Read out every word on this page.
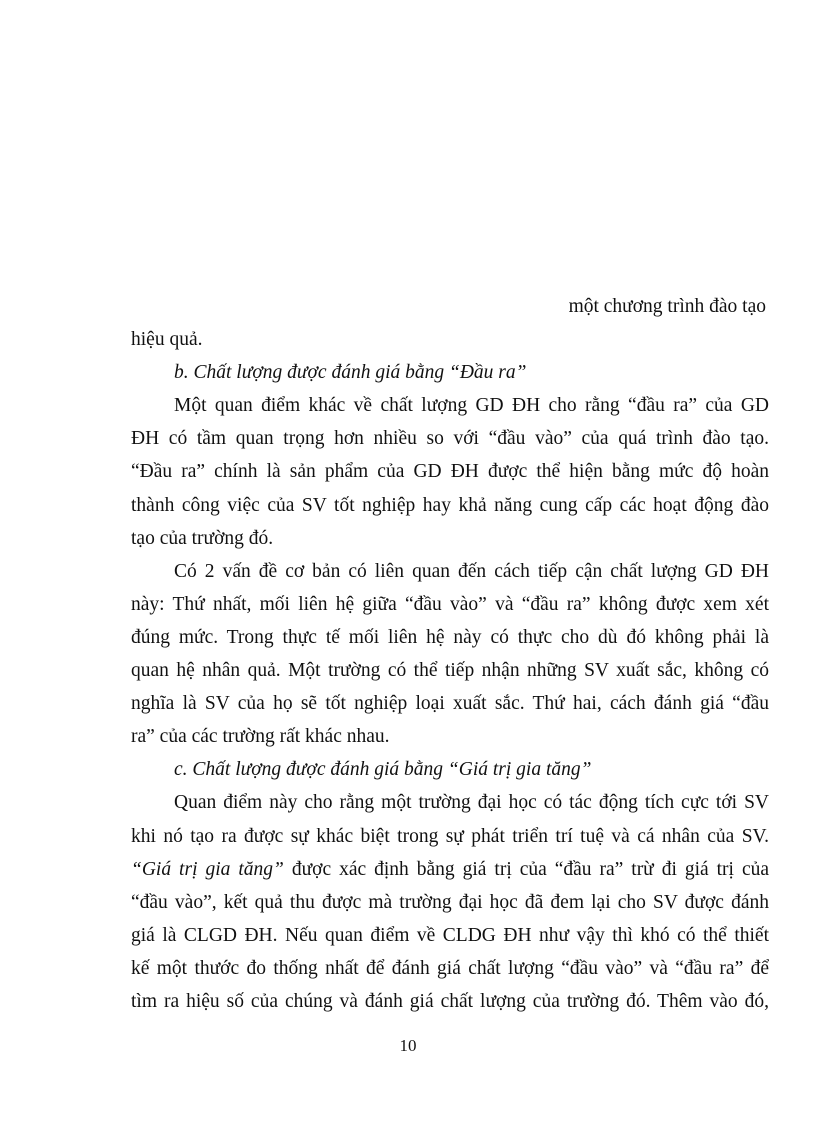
một chương trình đào tạo
hiệu quả.
b. Chất lượng được đánh giá bằng “Đầu ra”
Một quan điểm khác về chất lượng GD ĐH cho rằng “đầu ra” của GD
ĐH có tầm quan trọng hơn nhiều so với “đầu vào” của quá trình đào tạo.
“Đầu ra” chính là sản phẩm của GD ĐH được thể hiện bằng mức độ hoàn
thành công việc của SV tốt nghiệp hay khả năng cung cấp các hoạt động đào
tạo của trường đó.
Có 2 vấn đề cơ bản có liên quan đến cách tiếp cận chất lượng GD ĐH
này: Thứ nhất, mối liên hệ giữa “đầu vào” và “đầu ra” không được xem xét
đúng mức. Trong thực tế mối liên hệ này có thực cho dù đó không phải là
quan hệ nhân quả. Một trường có thể tiếp nhận những SV xuất sắc, không có
nghĩa là SV của họ sẽ tốt nghiệp loại xuất sắc. Thứ hai, cách đánh giá “đầu
ra” của các trường rất khác nhau.
c. Chất lượng được đánh giá bằng “Giá trị gia tăng”
Quan điểm này cho rằng một trường đại học có tác động tích cực tới SV
khi nó tạo ra được sự khác biệt trong sự phát triển trí tuệ và cá nhân của SV.
“Giá trị gia tăng” được xác định bằng giá trị của “đầu ra” trừ đi giá trị của
“đầu vào”, kết quả thu được mà trường đại học đã đem lại cho SV được đánh
giá là CLGD ĐH. Nếu quan điểm về CLDG ĐH như vậy thì khó có thể thiết
kế một thước đo thống nhất để đánh giá chất lượng “đầu vào” và “đầu ra” để
tìm ra hiệu số của chúng và đánh giá chất lượng của trường đó. Thêm vào đó,
10
